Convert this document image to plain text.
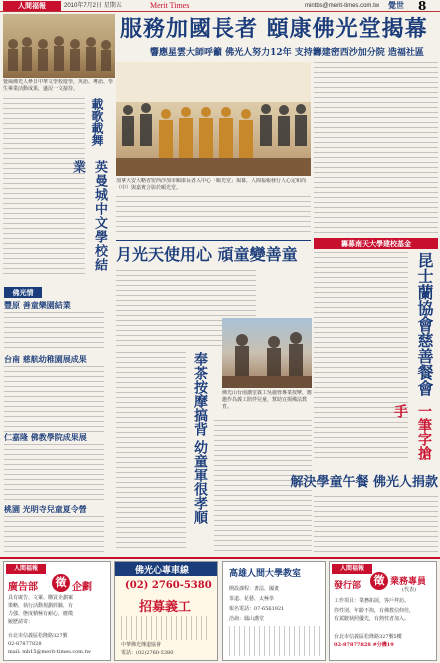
人間福報	2010年7月2日 星期五	Merit Times	mintbs@merit-times.com.tw 覺世 8
服務加國長者 頤康佛光堂揭幕
響應星雲大師呼籲 佛光人努力12年 支持籌建密西沙加分院 造福社區
覺風佛光人參日中華文學校遊學，英語、粵語、學生畢業活動成果，盛況一文接待。
載歌載舞
英曼城中文學校結業
佛光情
豐原 善童樂園結業
台南 慈航幼稚園展成果
仁嘉隆 佛教學院成果展
桃園 光明寺兒童夏令營
加拿大安大略省密西沙加市頤康長者入中心「頤光堂」揭幕，人間福報發行人心定和尚（中）與嘉賓合影於頤光堂。
月光天使用心 頑童變善童
佛光山台南講堂義工吳麗蓉專業按摩，應邀作為義工陪伴兒童，幫助宣揚佛法教育。
奉茶按摩搞背
幼童軍很孝順
籌募南天大學建校基金
昆士蘭協會慈善餐會
一筆字搶手
解決學童午餐 佛光人捐款
人間福報
廣告部	徵 企劃
具有廣告、文案、購買企劃案
策略、執行活動規劃經驗，有
力強、態度積極有耐心，應徵
履歷請寄：
台北市信義區松隆路327號
02-87877828
mail: mh15@merit-times.com.tw
佛光心專車線
(02) 2760-5380
招募義工
中華佛光傳道協會
電話：(02)2760-5380
高雄人間大學教室
開設課程：書法、國畫
茶道、花藝、太極拳
報名電話：07-6561921
洽詢：鳳山講堂
人間福報
發行部	徵 業務專員
(代表)
工作項目：業務拓展，客戶拜訪。
你性別、年齡不拘，有佛教信仰佳，
有駕駛執照優先，有熱忱者加入。
台北市信義區松隆路327號5樓
02-87877828 #分機19
